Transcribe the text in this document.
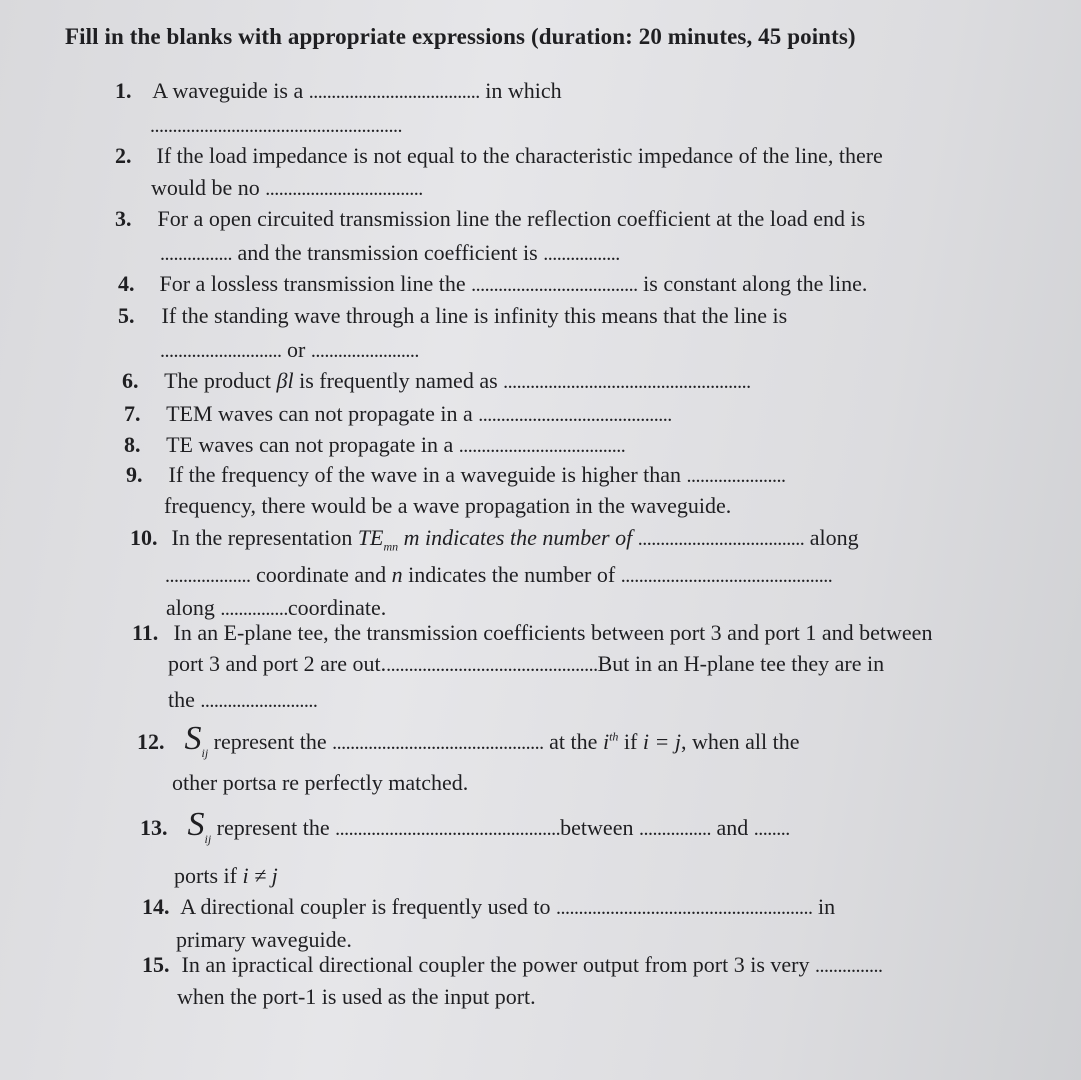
Fill in the blanks with appropriate expressions (duration: 20 minutes, 45 points)
1. A waveguide is a ...................................... in which
........................................................
2. If the load impedance is not equal to the characteristic impedance of the line, there
would be no ...................................
3. For a open circuited transmission line the reflection coefficient at the load end is
................ and the transmission coefficient is .................
4. For a lossless transmission line the ..................................... is constant along the line.
5. If the standing wave through a line is infinity this means that the line is
........................... or ........................
6. The product βl is frequently named as .......................................................
7. TEM waves can not propagate in a ...........................................
8. TE waves can not propagate in a .....................................
9. If the frequency of the wave in a waveguide is higher than ......................
frequency, there would be a wave propagation in the waveguide.
10. In the representation $TE_{mn}$ m indicates the number of ..................................... along
................... coordinate and n indicates the number of ...............................................
along ...............coordinate.
11. In an E-plane tee, the transmission coefficients between port 3 and port 1 and between
port 3 and port 2 are out................................................But in an H-plane tee they are in
the ..........................
12. $S_{ij}$ represent the ............................................... at the $i^{th}$ if i = j, when all the
other portsa re perfectly matched.
13. $S_{ij}$ represent the ..................................................between ................ and ........
ports if i ≠ j
14. A directional coupler is frequently used to ......................................................... in
primary waveguide.
15. In an ipractical directional coupler the power output from port 3 is very ...............
when the port-1 is used as the input port.
